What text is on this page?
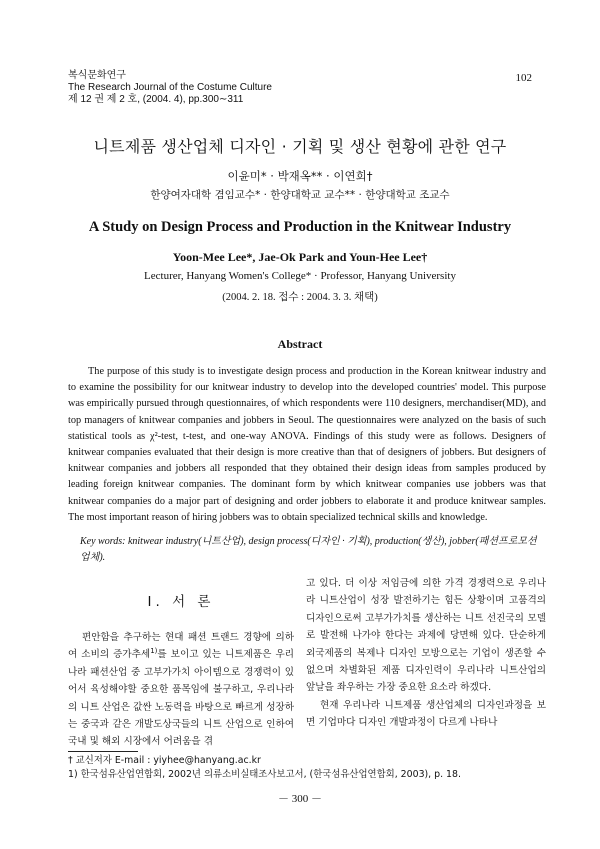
복식문화연구
The Research Journal of the Costume Culture
제 12 권 제 2 호, (2004. 4), pp.300∼311
102
니트제품 생산업체 디자인 · 기획 및 생산 현황에 관한 연구
이윤미* · 박재옥** · 이연희†
한양여자대학 겸임교수* · 한양대학교 교수** · 한양대학교 조교수
A Study on Design Process and Production in the Knitwear Industry
Yoon-Mee Lee*, Jae-Ok Park and Youn-Hee Lee†
Lecturer, Hanyang Women's College* · Professor, Hanyang University
(2004. 2. 18. 접수 : 2004. 3. 3. 채택)
Abstract
The purpose of this study is to investigate design process and production in the Korean knitwear industry and to examine the possibility for our knitwear industry to develop into the developed countries' model. This purpose was empirically pursued through questionnaires, of which respondents were 110 designers, merchandiser(MD), and top managers of knitwear companies and jobbers in Seoul. The questionnaires were analyzed on the basis of such statistical tools as χ²-test, t-test, and one-way ANOVA. Findings of this study were as follows. Designers of knitwear companies evaluated that their design is more creative than that of designers of jobbers. But designers of knitwear companies and jobbers all responded that they obtained their design ideas from samples produced by leading foreign knitwear companies. The dominant form by which knitwear companies use jobbers was that knitwear companies do a major part of designing and order jobbers to elaborate it and produce knitwear samples. The most important reason of hiring jobbers was to obtain specialized technical skills and knowledge.
Key words: knitwear industry(니트산업), design process(디자인 · 기획), production(생산), jobber(패션프로모션업체).
Ⅰ. 서 론

편안함을 추구하는 현대 패션 트랜드 경향에 의하여 소비의 증가추세$^{1)}$를 보이고 있는 니트제품은 우리나라 패션산업 중 고부가가치 아이템으로 경쟁력이 있어서 육성해야할 중요한 품목임에 불구하고, 우리나라의 니트 산업은 값싼 노동력을 바탕으로 빠르게 성장하는 중국과 같은 개발도상국들의 니트 산업으로 인하여 국내 및 해외 시장에서 어려움을 겪

고 있다. 더 이상 저임금에 의한 가격 경쟁력으로 우리나라 니트산업이 성장 발전하기는 힘든 상황이며 고품격의 디자인으로써 고부가가치를 생산하는 니트 선진국의 모델로 발전해 나가야 한다는 과제에 당면해 있다. 단순하게 외국제품의 복제나 디자인 모방으로는 기업이 생존할 수 없으며 차별화된 제품 디자인력이 우리나라 니트산업의 앞날을 좌우하는 가장 중요한 요소라 하겠다.

현재 우리나라 니트제품 생산업체의 디자인과정을 보면 기업마다 디자인 개발과정이 다르게 나타나

† 교신저자 E-mail : yiyhee@hanyang.ac.kr
1) 한국섬유산업연합회, 2002년 의류소비실태조사보고서, (한국섬유산업연합회, 2003), p. 18.
－ 300 －
